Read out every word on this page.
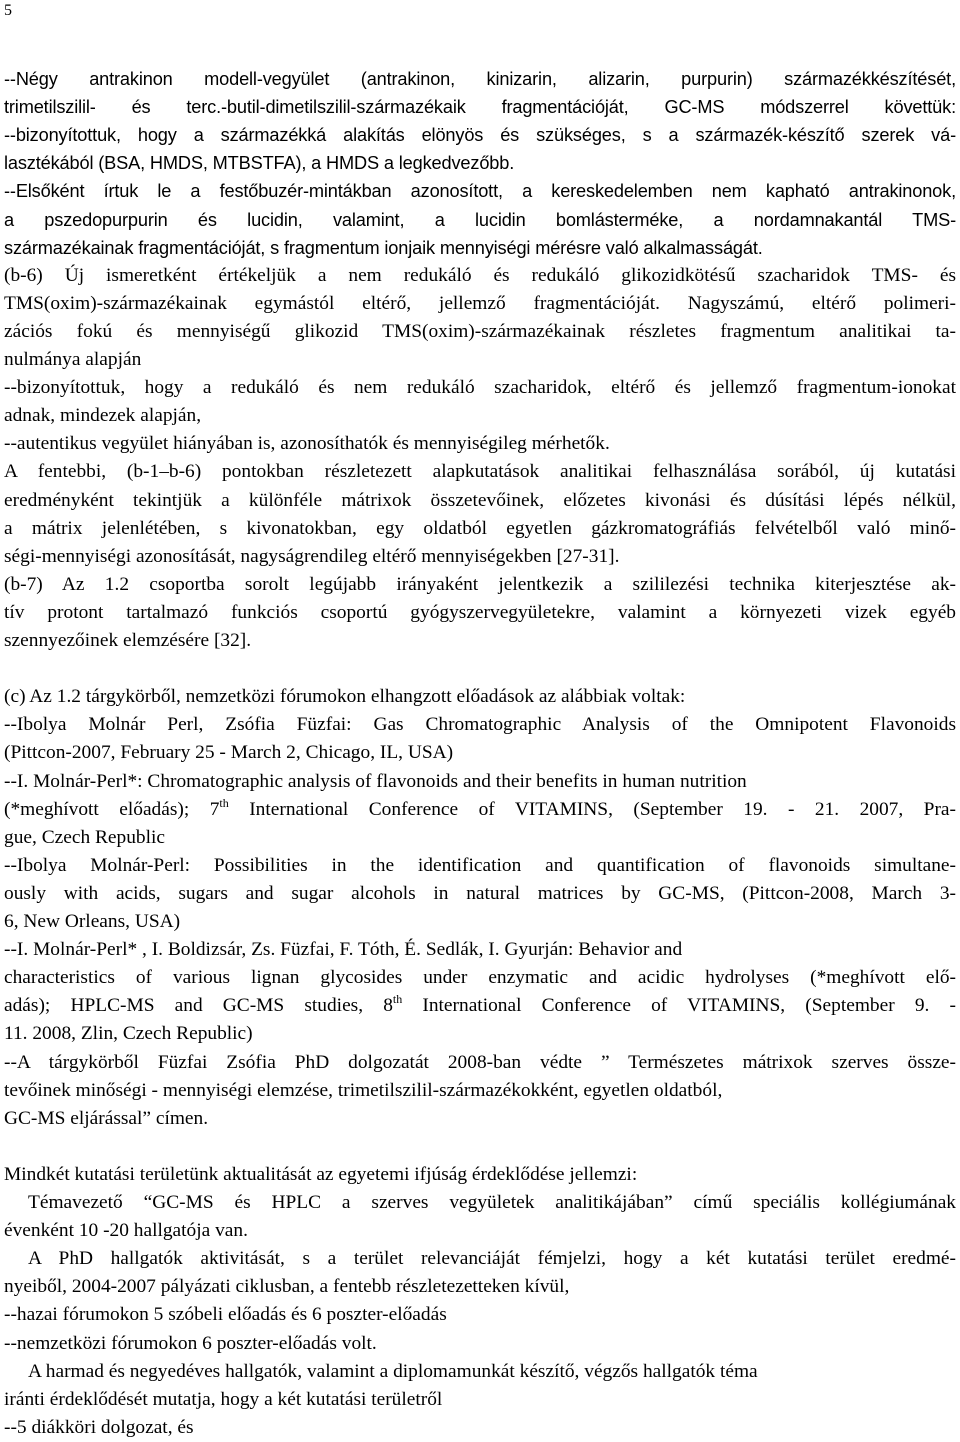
5
--Négy antrakinon modell-vegyület (antrakinon, kinizarin, alizarin, purpurin) származékkészítését,
trimetilszilil- és terc.-butil-dimetilszilil-származékaik fragmentációját, GC-MS módszerrel követtük:
--bizonyítottuk, hogy a származékká alakítás elönyös és szükséges, s a származék-készítő szerek vá-
lasztékából (BSA, HMDS, MTBSTFA), a HMDS a legkedvezőbb.
--Elsőként írtuk le a festőbuzér-mintákban azonosított, a kereskedelemben nem kapható antrakinonok,
a pszedopurpurin és lucidin, valamint, a lucidin bomlásterméke, a nordamnakantál TMS-
származékainak fragmentációját, s fragmentum ionjaik mennyiségi mérésre való alkalmasságát.
(b-6) Új ismeretként értékeljük a nem redukáló és redukáló glikozidkötésű szacharidok TMS- és
TMS(oxim)-származékainak egymástól eltérő, jellemző fragmentációját. Nagyszámú, eltérő polimeri-
zációs fokú és mennyiségű glikozid TMS(oxim)-származékainak részletes fragmentum analitikai ta-
nulmánya alapján
--bizonyítottuk, hogy a redukáló és nem redukáló szacharidok, eltérő és jellemző fragmentum-ionokat
adnak, mindezek alapján,
--autentikus vegyület hiányában is, azonosíthatók és mennyiségileg mérhetők.
A fentebbi, (b-1–b-6) pontokban részletezett alapkutatások analitikai felhasználása sorából, új kutatási
eredményként tekintjük a különféle mátrixok összetevőinek, előzetes kivonási és dúsítási lépés nélkül,
a mátrix jelenlétében, s kivonatokban, egy oldatból egyetlen gázkromatográfiás felvételből való minő-
ségi-mennyiségi azonosítását, nagyságrendileg eltérő mennyiségekben [27-31].
(b-7) Az 1.2 csoportba sorolt legújabb irányaként jelentkezik a szililezési technika kiterjesztése ak-
tív protont tartalmazó funkciós csoportú gyógyszervegyületekre, valamint a környezeti vizek egyéb
szennyezőinek elemzésére [32].
(c) Az 1.2 tárgykörből, nemzetközi fórumokon elhangzott előadások az alábbiak voltak:
--Ibolya Molnár Perl, Zsófia Füzfai: Gas Chromatographic Analysis of the Omnipotent Flavonoids
(Pittcon-2007, February 25 - March 2, Chicago, IL, USA)
--I. Molnár-Perl*: Chromatographic analysis of flavonoids and their benefits in human nutrition
(*meghívott előadás); 7th International Conference of VITAMINS, (September 19. - 21. 2007, Pra-
gue, Czech Republic
--Ibolya Molnár-Perl: Possibilities in the identification and quantification of flavonoids simultane-
ously with acids, sugars and sugar alcohols in natural matrices by GC-MS, (Pittcon-2008, March 3-
6, New Orleans, USA)
--I. Molnár-Perl* , I. Boldizsár, Zs. Füzfai, F. Tóth, É. Sedlák, I. Gyurján: Behavior and
characteristics of various lignan glycosides under enzymatic and acidic hydrolyses (*meghívott elő-
adás); HPLC-MS and GC-MS studies, 8th International Conference of VITAMINS, (September 9. -
11. 2008, Zlin, Czech Republic)
--A tárgykörből Füzfai Zsófia PhD dolgozatát 2008-ban védte ” Természetes mátrixok szerves össze-
tevőinek minőségi - mennyiségi elemzése, trimetilszilil-származékokként, egyetlen oldatból,
GC-MS eljárással” címen.
Mindkét kutatási területünk aktualitását az egyetemi ifjúság érdeklődése jellemzi:
Témavezető “GC-MS és HPLC a szerves vegyületek analitikájában” című speciális kollégiumának
évenként 10 -20 hallgatója van.
A PhD hallgatók aktivitását, s a terület relevanciáját fémjelzi, hogy a két kutatási terület eredmé-
nyeiből, 2004-2007 pályázati ciklusban, a fentebb részletezetteken kívül,
--hazai fórumokon 5 szóbeli előadás és 6 poszter-előadás
--nemzetközi fórumokon 6 poszter-előadás volt.
A harmad és negyedéves hallgatók, valamint a diplomamunkát készítő, végzős hallgatók téma
iránti érdeklődését mutatja, hogy a két kutatási területről
--5 diákköri dolgozat, és
